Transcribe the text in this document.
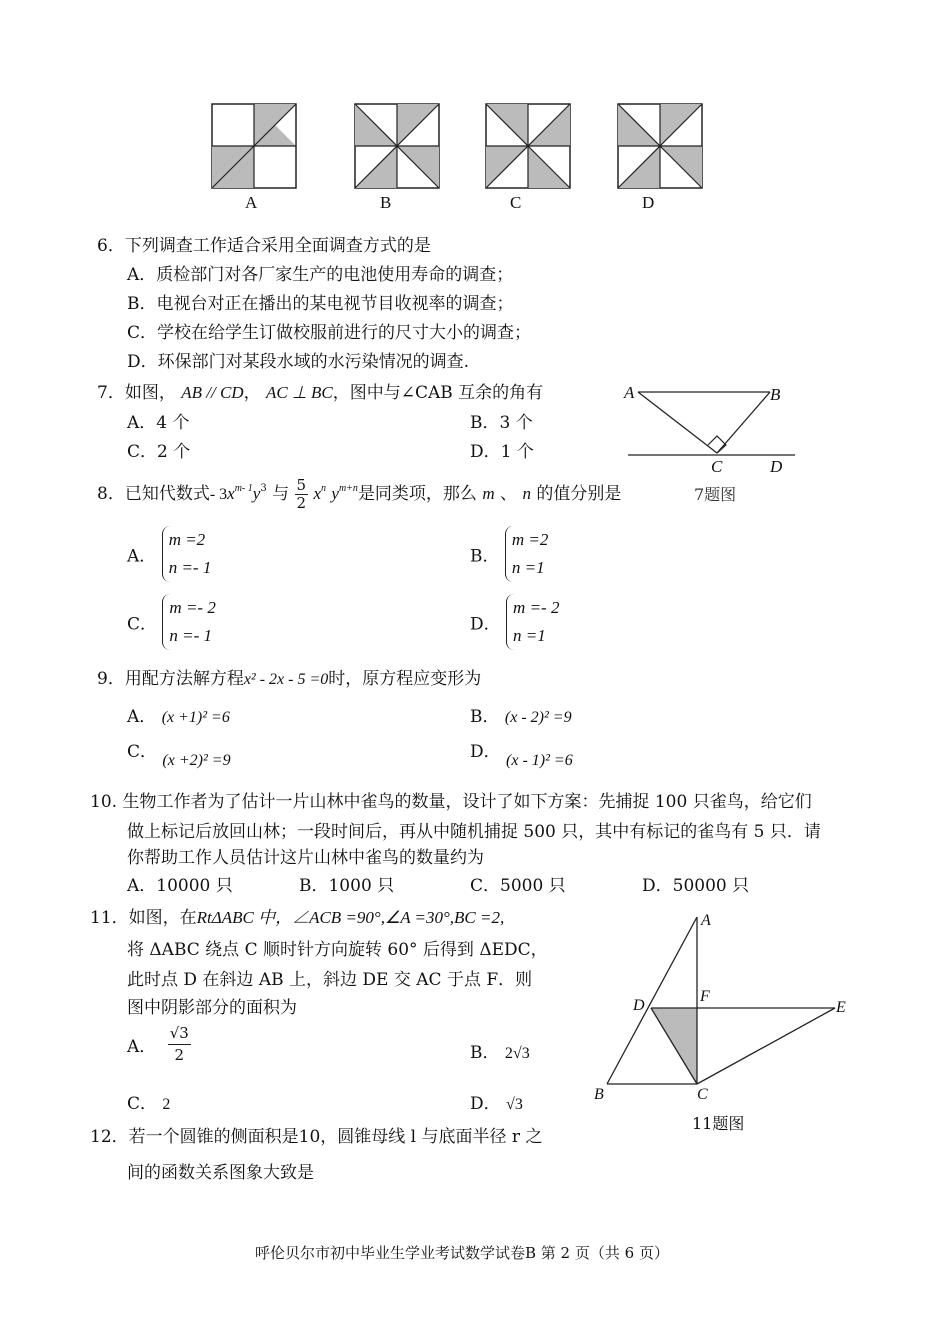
A	B	C	D
6．下列调查工作适合采用全面调查方式的是
A．质检部门对各厂家生产的电池使用寿命的调查；
B．电视台对正在播出的某电视节目收视率的调查；
C．学校在给学生订做校服前进行的尺寸大小的调查；
D．环保部门对某段水域的水污染情况的调查.
7．如图， AB // CD， AC ⊥ BC，图中与∠CAB 互余的角有
A．4 个	B．3 个
C．2 个	D．1 个
A	B
C	D
7题图
8．已知代数式- $3x^{m- 1}y^3$ 与 $\frac{5}{2} x^n$ $y^{m+n}$是同类项，那么 m 、 n 的值分别是
A． m =2
n =- 1
B． m =2
n =1
C． m =- 2
n =- 1
D． m =- 2
n =1
9．用配方法解方程x² - 2x - 5 =0时，原方程应变形为
A． (x +1)² =6	B． (x - 2)² =9
C． (x +2)² =9	D． (x - 1)² =6
10. 生物工作者为了估计一片山林中雀鸟的数量，设计了如下方案：先捕捉 100 只雀鸟，给它们
做上标记后放回山林；一段时间后，再从中随机捕捉 500 只，其中有标记的雀鸟有 5 只．请
你帮助工作人员估计这片山林中雀鸟的数量约为
A．10000 只	B．1000 只	C．5000 只	D．50000 只
11．如图，在RtΔABC 中，∠ACB =90°,∠A =30°,BC =2,
将 ΔABC 绕点 C 顺时针方向旋转 60° 后得到 ΔEDC，
此时点 D 在斜边 AB 上，斜边 DE 交 AC 于点 F．则
图中阴影部分的面积为
A． $\frac{√3}{2}$	B． 2√3
C． 2	D． √3
A
D
F
E
B	C
11题图
12．若一个圆锥的侧面积是10，圆锥母线 l 与底面半径 r 之
间的函数关系图象大致是
呼伦贝尔市初中毕业生学业考试数学试卷B 第 2 页（共 6 页）
